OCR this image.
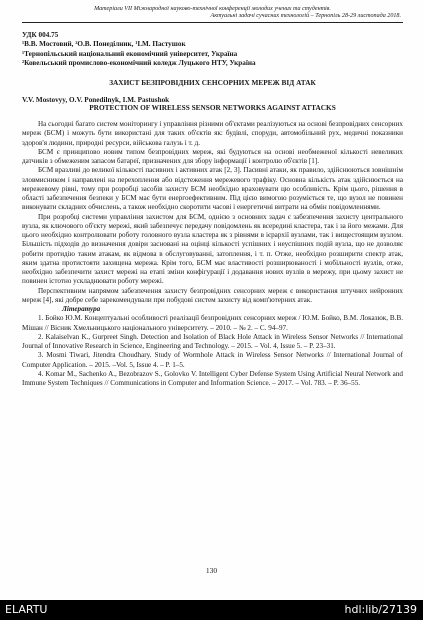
Матеріали VII Міжнародної науково-технічної конференції молодих учених та студентів.
Актуальні задачі сучасних технологій – Тернопіль 28-29 листопада 2018.
УДК 004.75
¹В.В. Мостовий, ²О.В. Понеділник, ¹І.М. Пастушок
¹Тернопільський національний економічний університет, Україна
²Ковельський промислово-економічний коледж Луцького НТУ, Україна
ЗАХИСТ БЕЗПРОВІДНИХ СЕНСОРНИХ МЕРЕЖ ВІД АТАК
V.V. Mostovyy, O.V. Ponedilnyk, I.M. Pastushok
PROTECTION OF WIRELESS SENSOR NETWORKS AGAINST ATTACKS

На сьогодні багато систем моніторингу і управління різними об'єктами реалізуються на основі безпровідних сенсорних мереж (БСМ) і можуть бути використані для таких об'єктів як: будівлі, споруди, автомобільний рух, медичні показники здоров'я людини, природні ресурси, військова галузь і т. д.

БСМ є принципово новим типом безпровідних мереж, які будуються на основі необмеженої кількості невеликих датчиків з обмеженим запасом батареї, призначених для збору інформації і контролю об'єктів [1].

БСМ вразливі до великої кількості пасивних і активних атак [2, 3]. Пасивні атаки, як правило, здійснюються зовнішнім зловмисником і направлені на перехоплення або відстеження мережевого трафіку. Основна кількість атак здійснюється на мережевому рівні, тому при розробці засобів захисту БСМ необхідно враховувати цю особливість. Крім цього, рішення в області забезпечення безпеки у БСМ має бути енергоефективним. Під цією вимогою розуміється те, що вузол не повинен виконувати складних обчислень, а також необхідно скоротити часові і енергетичні витрати на обмін повідомленнями.

При розробці системи управління захистом для БСМ, однією з основних задач є забезпечення захисту центрального вузла, як ключового об'єкту мережі, який забезпечує передачу повідомлень як всередині кластера, так і за його межами. Для цього необхідно контролювати роботу головного вузла кластера як з рівнями в ієрархії вузлами, так і вищестоящим вузлом. Більшість підходів до визначення довіри засновані на оцінці кількості успішних і неуспішних подій вузла, що не дозволяє робити протидію таким атакам, як відмова в обслуговуванні, затоплення, і т. п. Отже, необхідно розширити спектр атак, яким здатна протистояти захищена мережа. Крім того, БСМ має властивості розширюваності і мобільності вузлів, отже, необхідно забезпечити захист мережі на етапі зміни конфігурації і додавання нових вузлів в мережу, при цьому захист не повинен істотно ускладнювати роботу мережі.

Перспективним напрямом забезпечення захисту безпровідних сенсорних мереж є використання штучних нейронних мереж [4], які добре себе зарекомендували при побудові систем захисту від комп'ютерних атак.

Література

1. Бойко Ю.М. Концептуальні особливості реалізації безпровідних сенсорних мереж / Ю.М. Бойко, В.М. Локазюк, В.В. Мішан // Вісник Хмельницького національного університету. – 2010. – № 2. – С. 94–97.

2. Kalaiselvan K., Gurpreet Singh. Detection and Isolation of Black Hole Attack in Wireless Sensor Networks // International Journal of Innovative Research in Science, Engineering and Technology. – 2015. – Vol. 4, Issue 5. – P. 23–31.

3. Mosmi Tiwari, Jitendra Choudhary. Study of Wormhole Attack in Wireless Sensor Networks // International Journal of Computer Application. – 2015. –Vol. 5, Issue 4. – P. 1–5.

4. Komar M., Sachenko A., Bezobrazov S., Golovko V. Intelligent Cyber Defense System Using Artificial Neural Network and Immune System Techniques // Communications in Computer and Information Science. – 2017. – Vol. 783. – P. 36–55.

130
ELARTU	hdl:lib/27139
